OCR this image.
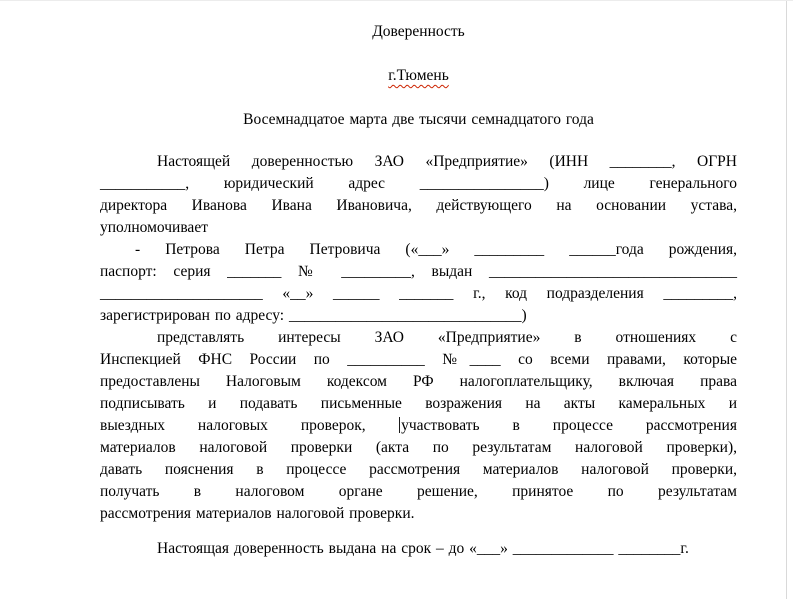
Доверенность
г.Тюмень
Восемнадцатое марта две тысячи семнадцатого года
Настоящей доверенностью ЗАО «Предприятие» (ИНН ________, ОГРН
___________, юридический адрес ________________) лице генерального
директора Иванова Ивана Ивановича, действующего на основании устава,
уполномочивает
- Петрова Петра Петровича («___» _________ ______года рождения,
паспорт: серия _______ № _________, выдан ________________________________
_____________________ «__» ______ _______ г., код подразделения _________,
зарегистрирован по адресу: ______________________________)
представлять интересы ЗАО «Предприятие» в отношениях с
Инспекцией ФНС России по __________ №____ со всеми правами, которые
предоставлены Налоговым кодексом РФ налогоплательщику, включая права
подписывать и подавать письменные возражения на акты камеральных и
выездных налоговых проверок, участвовать в процессе рассмотрения
материалов налоговой проверки (акта по результатам налоговой проверки),
давать пояснения в процессе рассмотрения материалов налоговой проверки,
получать в налоговом органе решение, принятое по результатам
рассмотрения материалов налоговой проверки.
Настоящая доверенность выдана на срок – до «___» _____________ ________г.
